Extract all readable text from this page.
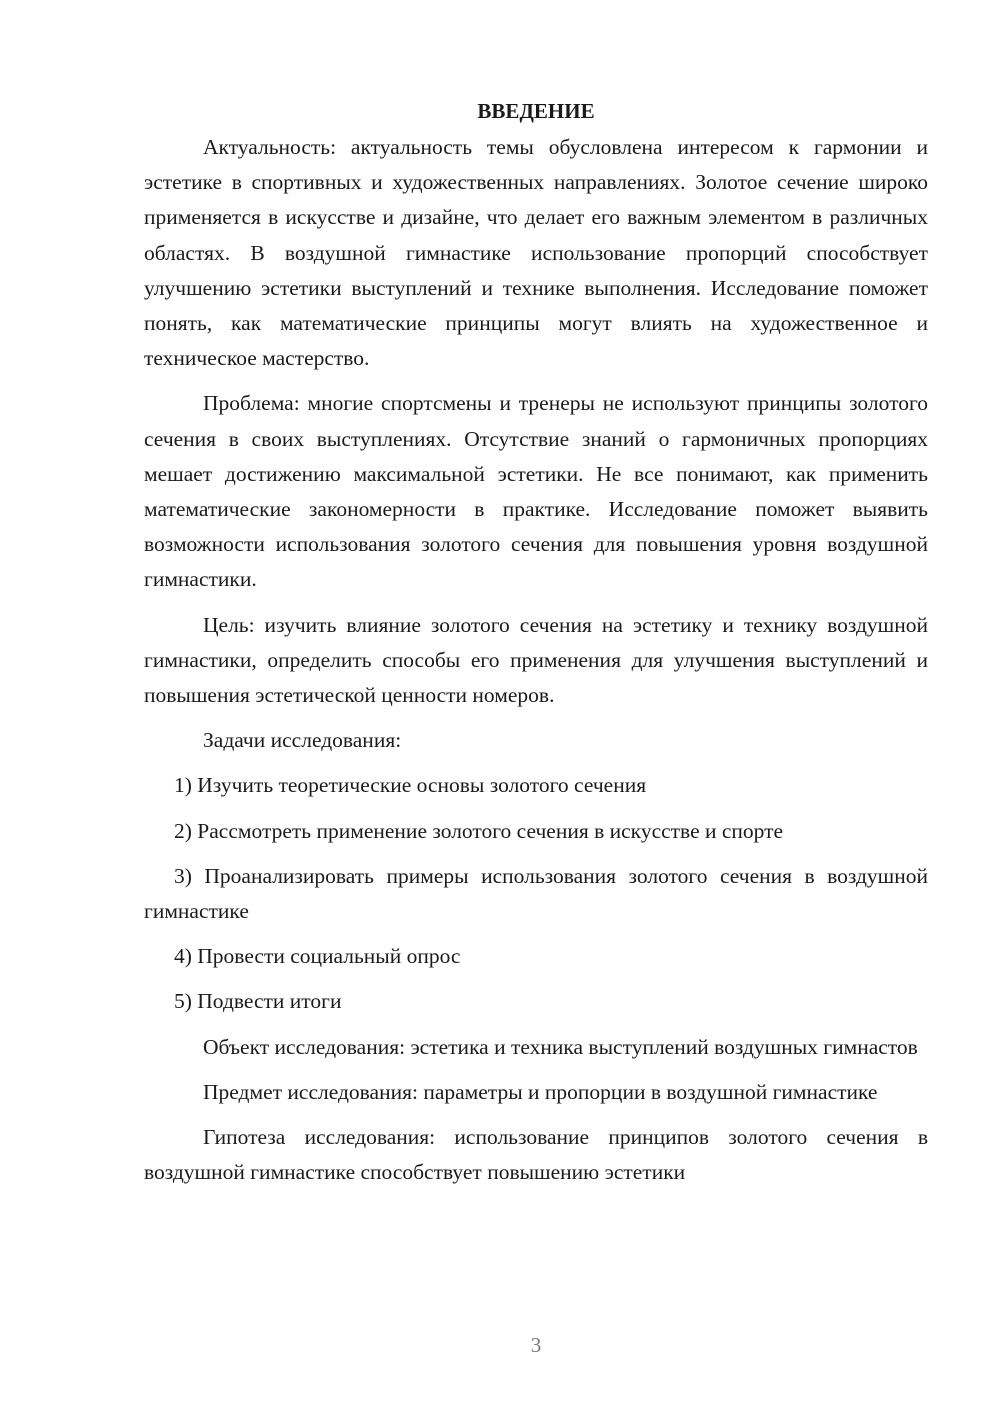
ВВЕДЕНИЕ

Актуальность: актуальность темы обусловлена интересом к гармонии и эстетике в спортивных и художественных направлениях. Золотое сечение широко применяется в искусстве и дизайне, что делает его важным элементом в различных областях. В воздушной гимнастике использование пропорций способствует улучшению эстетики выступлений и технике выполнения. Исследование поможет понять, как математические принципы могут влиять на художественное и техническое мастерство.

Проблема: многие спортсмены и тренеры не используют принципы золотого сечения в своих выступлениях. Отсутствие знаний о гармоничных пропорциях мешает достижению максимальной эстетики. Не все понимают, как применить математические закономерности в практике. Исследование поможет выявить возможности использования золотого сечения для повышения уровня воздушной гимнастики.

Цель: изучить влияние золотого сечения на эстетику и технику воздушной гимнастики, определить способы его применения для улучшения выступлений и повышения эстетической ценности номеров.

Задачи исследования:

1) Изучить теоретические основы золотого сечения

2) Рассмотреть применение золотого сечения в искусстве и спорте

3) Проанализировать примеры использования золотого сечения в воздушной гимнастике

4) Провести социальный опрос

5) Подвести итоги

Объект исследования: эстетика и техника выступлений воздушных гимнастов

Предмет исследования: параметры и пропорции в воздушной гимнастике

Гипотеза исследования: использование принципов золотого сечения в воздушной гимнастике способствует повышению эстетики

3
